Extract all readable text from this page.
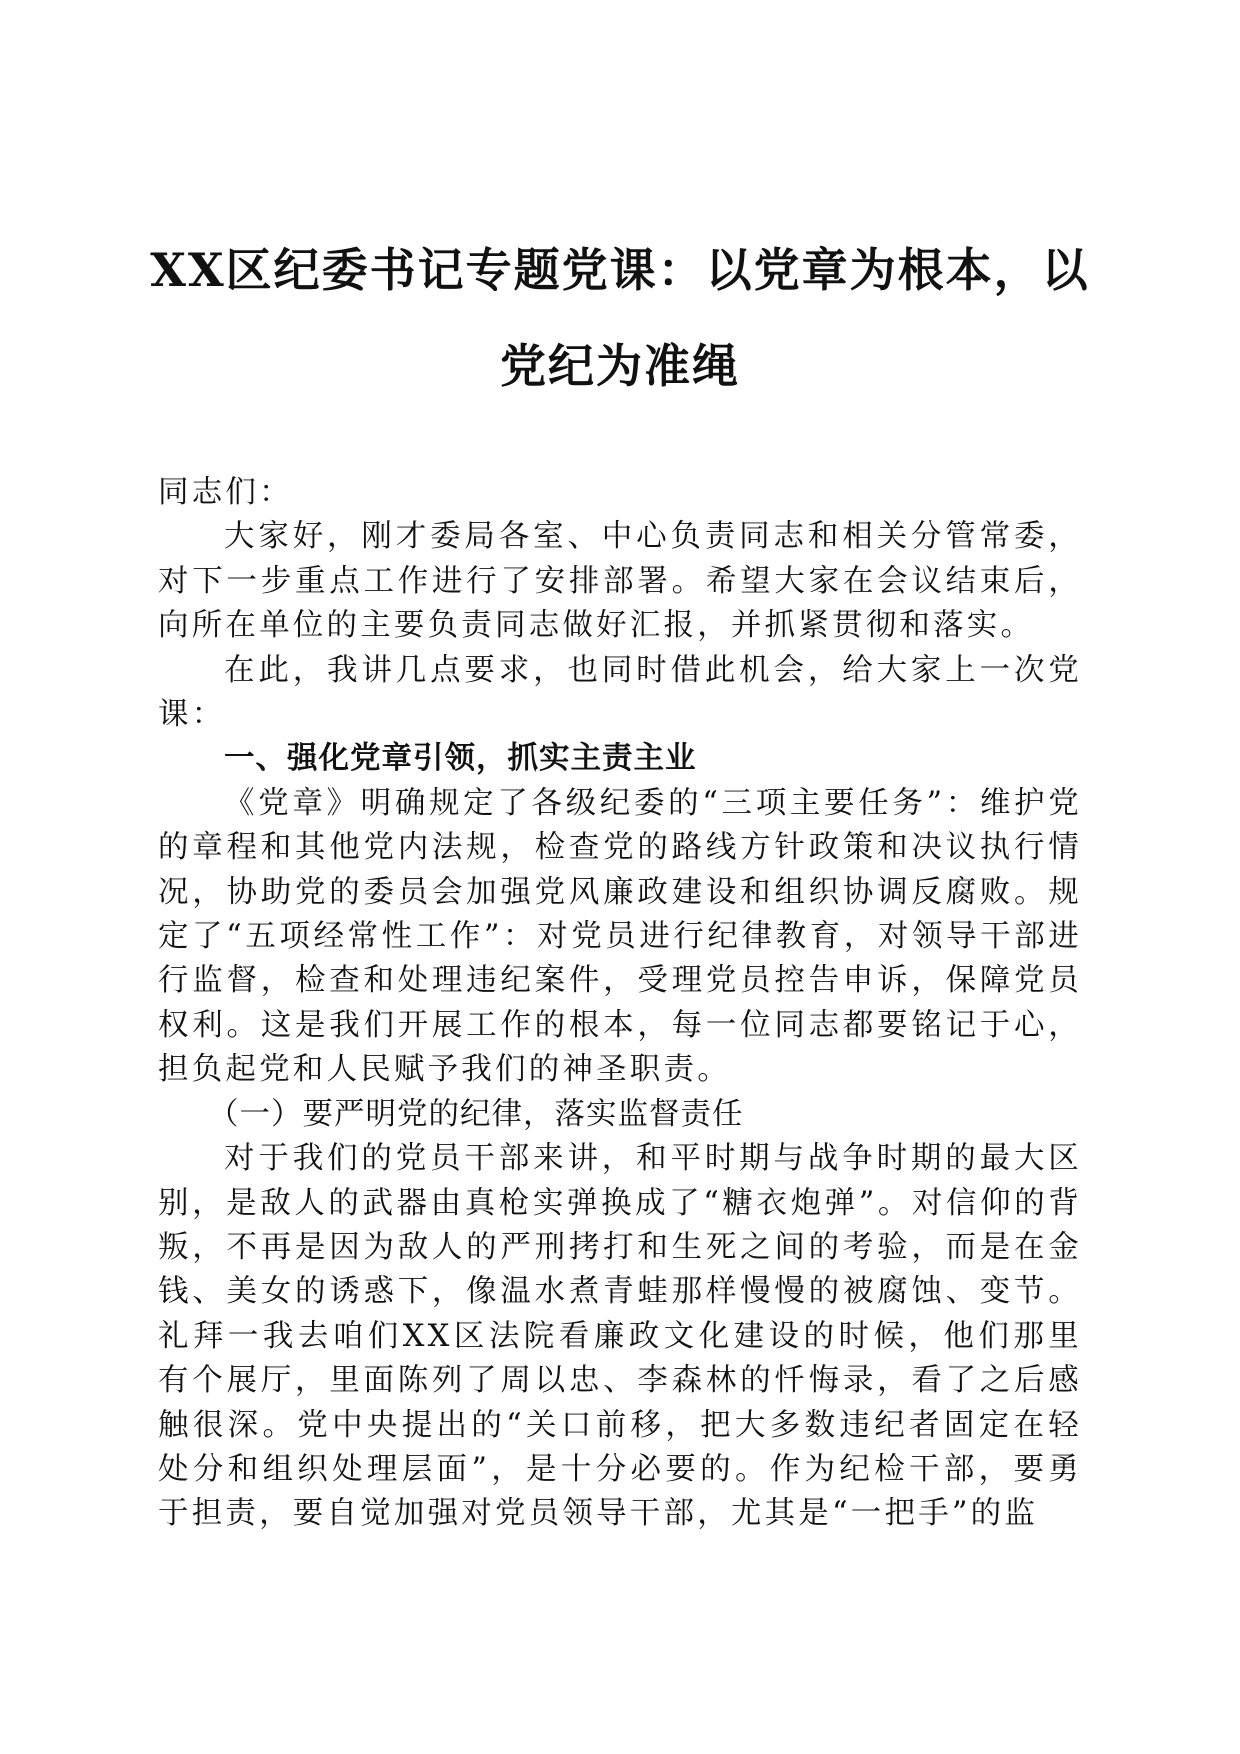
XX区纪委书记专题党课：以党章为根本，以
党纪为准绳

同志们：

大家好，刚才委局各室、中心负责同志和相关分管常委，对下一步重点工作进行了安排部署。希望大家在会议结束后，向所在单位的主要负责同志做好汇报，并抓紧贯彻和落实。

在此，我讲几点要求，也同时借此机会，给大家上一次党课：

一、强化党章引领，抓实主责主业

《党章》明确规定了各级纪委的“三项主要任务”：维护党的章程和其他党内法规，检查党的路线方针政策和决议执行情况，协助党的委员会加强党风廉政建设和组织协调反腐败。规定了“五项经常性工作”：对党员进行纪律教育，对领导干部进行监督，检查和处理违纪案件，受理党员控告申诉，保障党员权利。这是我们开展工作的根本，每一位同志都要铭记于心，担负起党和人民赋予我们的神圣职责。

（一）要严明党的纪律，落实监督责任

对于我们的党员干部来讲，和平时期与战争时期的最大区别，是敌人的武器由真枪实弹换成了“糖衣炮弹”。对信仰的背叛，不再是因为敌人的严刑拷打和生死之间的考验，而是在金钱、美女的诱惑下，像温水煮青蛙那样慢慢的被腐蚀、变节。礼拜一我去咱们XX区法院看廉政文化建设的时候，他们那里有个展厅，里面陈列了周以忠、李森林的忏悔录，看了之后感触很深。党中央提出的“关口前移，把大多数违纪者固定在轻处分和组织处理层面”，是十分必要的。作为纪检干部，要勇于担责，要自觉加强对党员领导干部，尤其是“一把手”的监
